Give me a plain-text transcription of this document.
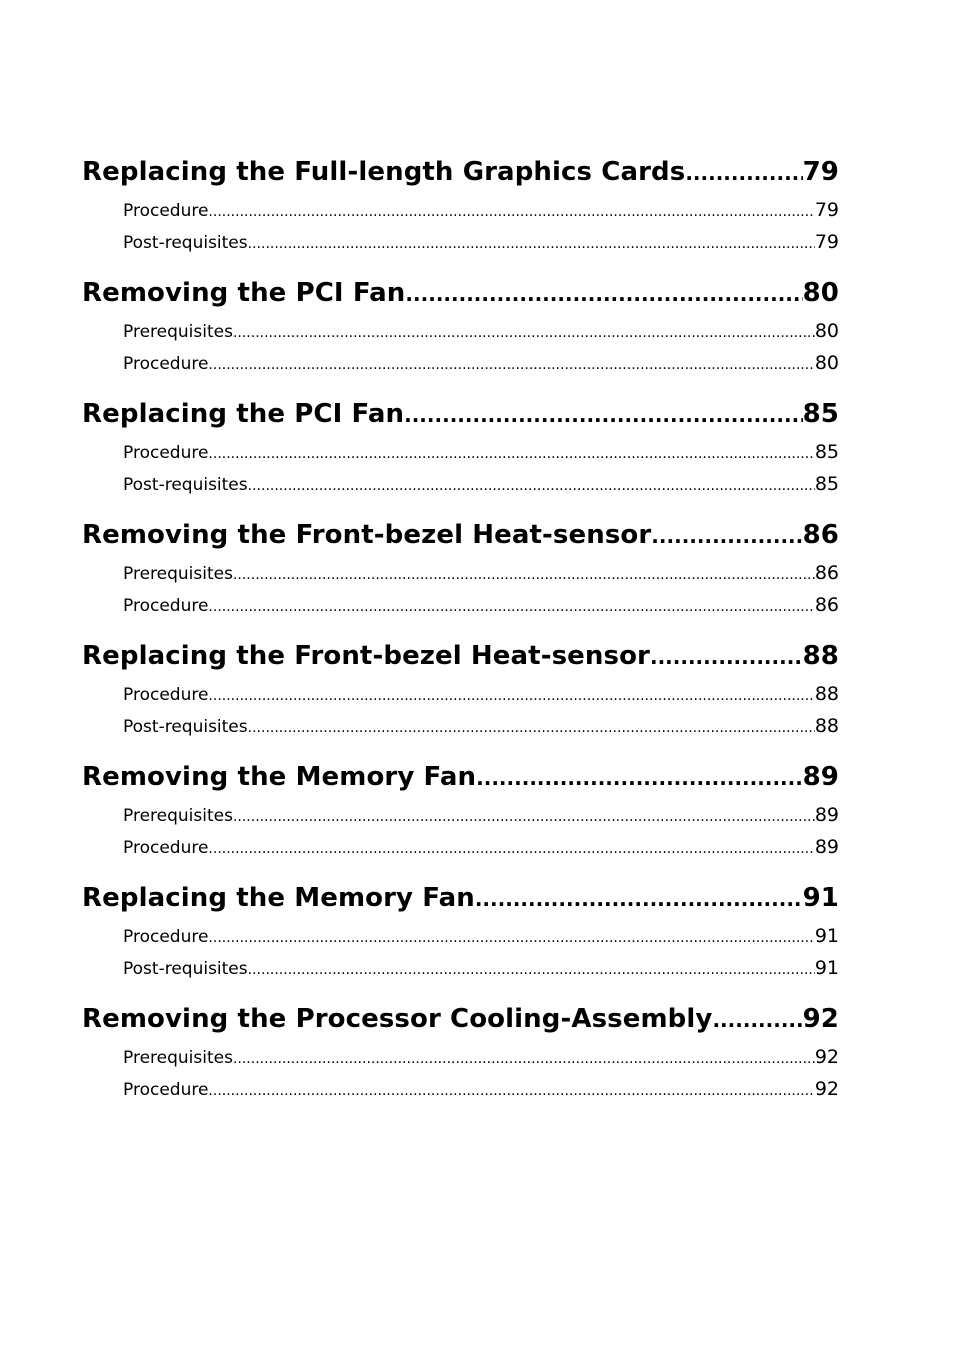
Replacing the Full-length Graphics Cards .....	79
Procedure .....	79
Post-requisites .....	79
Removing the PCI Fan .....	80
Prerequisites .....	80
Procedure .....	80
Replacing the PCI Fan .....	85
Procedure .....	85
Post-requisites .....	85
Removing the Front-bezel Heat-sensor .....	86
Prerequisites .....	86
Procedure .....	86
Replacing the Front-bezel Heat-sensor .....	88
Procedure .....	88
Post-requisites .....	88
Removing the Memory Fan .....	89
Prerequisites .....	89
Procedure .....	89
Replacing the Memory Fan .....	91
Procedure .....	91
Post-requisites .....	91
Removing the Processor Cooling-Assembly .....	92
Prerequisites .....	92
Procedure .....	92
